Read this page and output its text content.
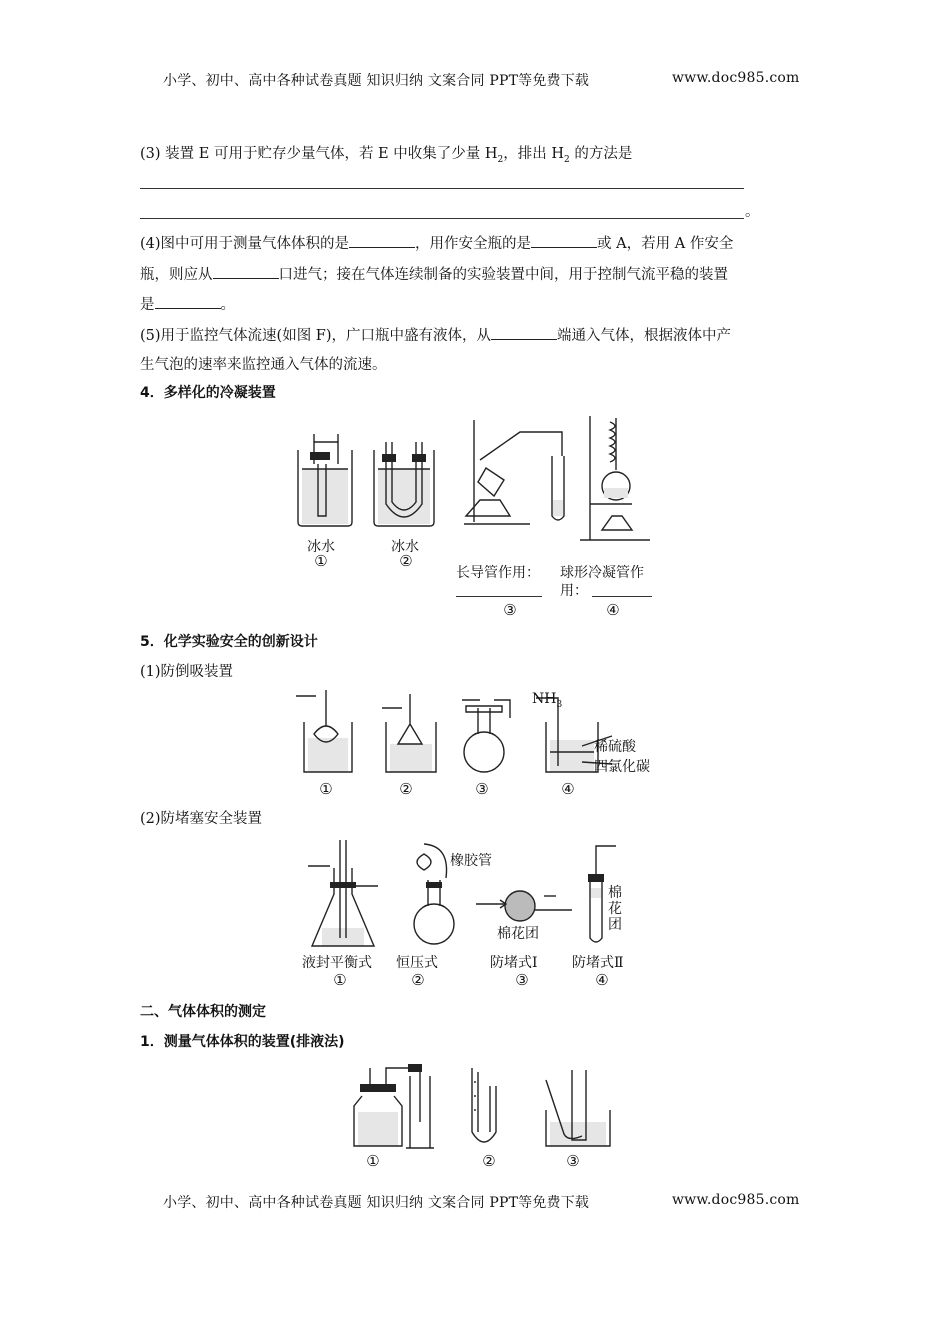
小学、初中、高中各种试卷真题 知识归纳 文案合同 PPT等免费下载	www.doc985.com
(3) 装置 E 可用于贮存少量气体，若 E 中收集了少量 $H_2$，排出 $H_2$ 的方法是
。
(4)图中可用于测量气体体积的是	，用作安全瓶的是	或 A，若用 A 作安全
瓶，则应从	口进气；接在气体连续制备的实验装置中间，用于控制气流平稳的装置
是	。
(5)用于监控气体流速(如图 F)，广口瓶中盛有液体，从	端通入气体，根据液体中产
生气泡的速率来监控通入气体的流速。
4．多样化的冷凝装置
冰水	冰水
①	②
长导管作用： 球形冷凝管作
用：
③	④
5．化学实验安全的创新设计
(1)防倒吸装置
$NH_3$
稀硫酸
四氯化碳
①	②	③	④
(2)防堵塞安全装置
橡胶管
棉花团
棉
花
团
液封平衡式 恒压式	防堵式Ⅰ 防堵式Ⅱ
①	②	③	④
二、气体体积的测定
1．测量气体体积的装置(排液法)
①	②	③
小学、初中、高中各种试卷真题 知识归纳 文案合同 PPT等免费下载	www.doc985.com
